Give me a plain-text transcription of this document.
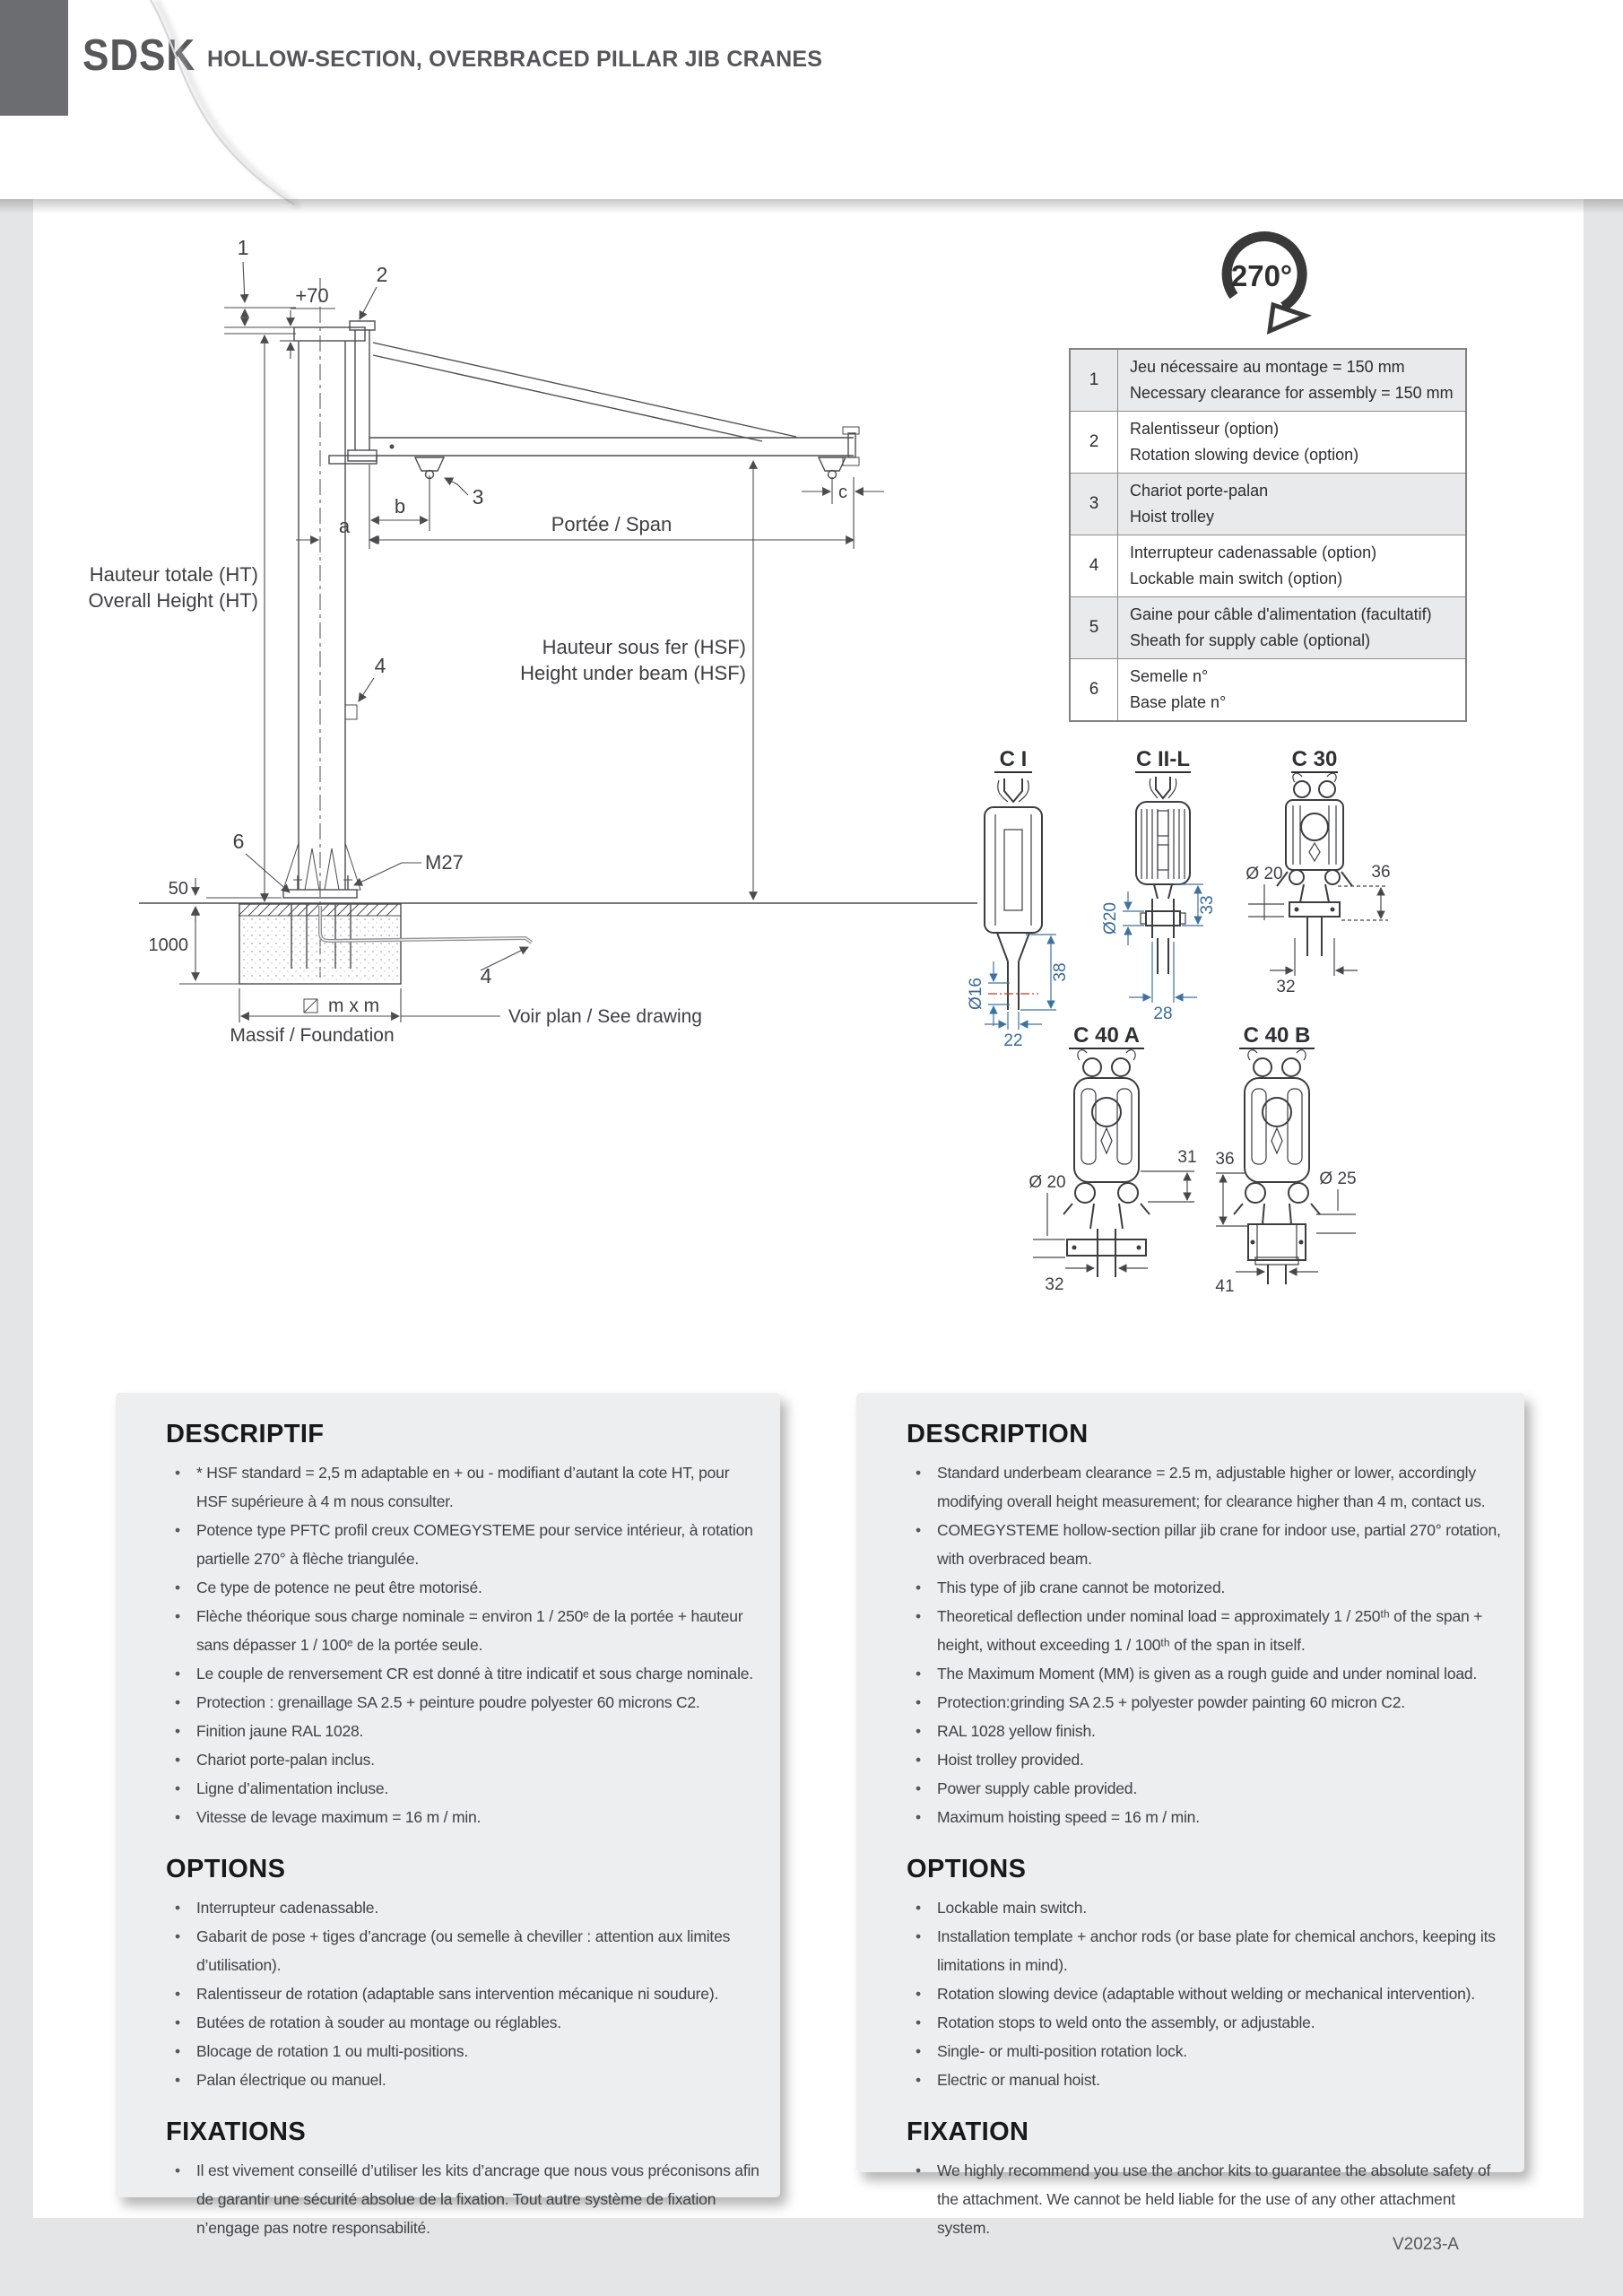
SDSK HOLLOW-SECTION, OVERBRACED PILLAR JIB CRANES
270°
1
Jeu nécessaire au montage = 150 mm
Necessary clearance for assembly = 150 mm
2
Ralentisseur (option)
Rotation slowing device (option)
3
Chariot porte-palan
Hoist trolley
4
Interrupteur cadenassable (option)
Lockable main switch (option)
5
Gaine pour câble d'alimentation (facultatif)
Sheath for supply cable (optional)
6
Semelle n°
Base plate n°
1
+70
2
3
4
Hauteur totale (HT)
Overall Height (HT)
Hauteur sous fer (HSF)
Height under beam (HSF)
a
b
Portée / Span
c
6
M27
4
50
1000
m x m
Massif / Foundation
Voir plan / See drawing
C I
38
Ø16
22
C II-L
33
Ø20
28
C 30
Ø 20	36
32
C 40 A
Ø 20
31
32
C 40 B
36
Ø 25
41
DESCRIPTIF
• * HSF standard = 2,5 m adaptable en + ou - modifiant d’autant la cote HT, pour HSF supérieure à 4 m nous consulter.
• Potence type PFTC profil creux COMEGYSTEME pour service intérieur, à rotation partielle 270° à flèche triangulée.
• Ce type de potence ne peut être motorisé.
• Flèche théorique sous charge nominale = environ 1 / 250ᵉ de la portée + hauteur sans dépasser 1 / 100ᵉ de la portée seule.
• Le couple de renversement CR est donné à titre indicatif et sous charge nominale.
• Protection : grenaillage SA 2.5 + peinture poudre polyester 60 microns C2.
• Finition jaune RAL 1028.
• Chariot porte-palan inclus.
• Ligne d’alimentation incluse.
• Vitesse de levage maximum = 16 m / min.
OPTIONS
• Interrupteur cadenassable.
• Gabarit de pose + tiges d’ancrage (ou semelle à cheviller : attention aux limites d’utilisation).
• Ralentisseur de rotation (adaptable sans intervention mécanique ni soudure).
• Butées de rotation à souder au montage ou réglables.
• Blocage de rotation 1 ou multi-positions.
• Palan électrique ou manuel.
FIXATIONS
• Il est vivement conseillé d’utiliser les kits d’ancrage que nous vous préconisons afin de garantir une sécurité absolue de la fixation. Tout autre système de fixation n’engage pas notre responsabilité.
DESCRIPTION
• Standard underbeam clearance = 2.5 m, adjustable higher or lower, accordingly modifying overall height measurement; for clearance higher than 4 m, contact us.
• COMEGYSTEME hollow-section pillar jib crane for indoor use, partial 270° rotation, with overbraced beam.
• This type of jib crane cannot be motorized.
• Theoretical deflection under nominal load = approximately 1 / 250ᵗʰ of the span + height, without exceeding 1 / 100ᵗʰ of the span in itself.
• The Maximum Moment (MM) is given as a rough guide and under nominal load.
• Protection:grinding SA 2.5 + polyester powder painting 60 micron C2.
• RAL 1028 yellow finish.
• Hoist trolley provided.
• Power supply cable provided.
• Maximum hoisting speed = 16 m / min.
OPTIONS
• Lockable main switch.
• Installation template + anchor rods (or base plate for chemical anchors, keeping its limitations in mind).
• Rotation slowing device (adaptable without welding or mechanical intervention).
• Rotation stops to weld onto the assembly, or adjustable.
• Single- or multi-position rotation lock.
• Electric or manual hoist.
FIXATION
• We highly recommend you use the anchor kits to guarantee the absolute safety of the attachment. We cannot be held liable for the use of any other attachment system.
V2023-A
